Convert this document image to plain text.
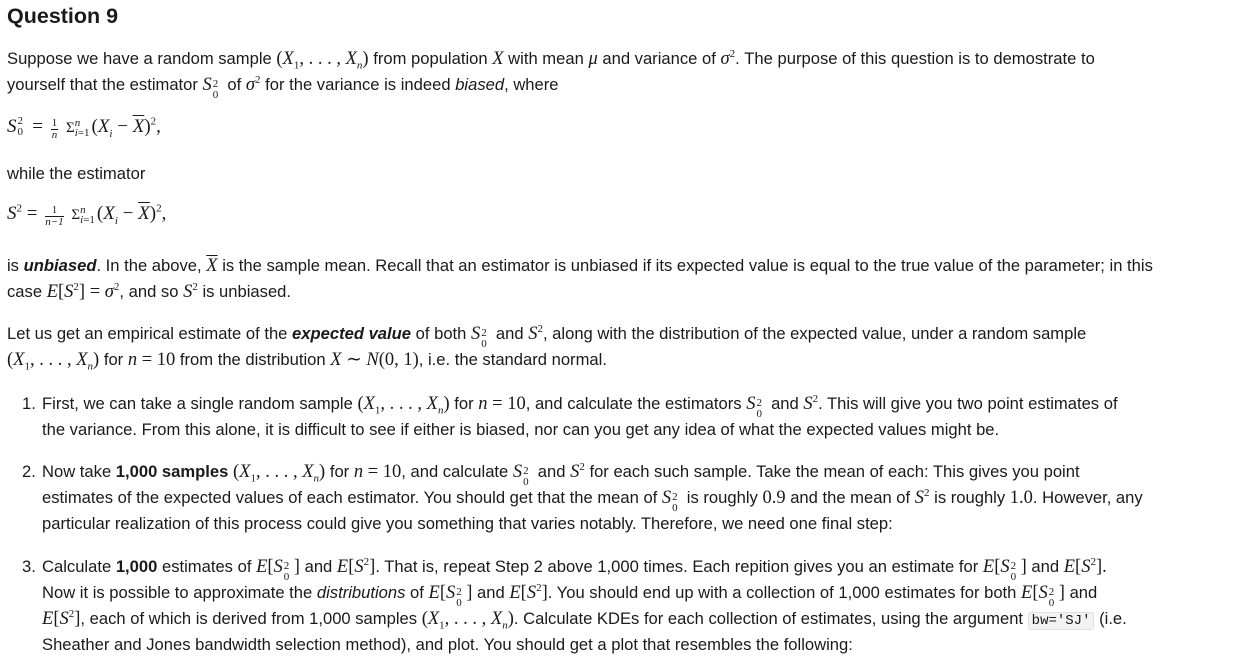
Question 9
Suppose we have a random sample ($X_1$, . . . , $X_n$) from population X with mean μ and variance of $\sigma^2$. The purpose of this question is to demostrate to
yourself that the estimator S 2
0
of $\sigma^2$ for the variance is indeed biased, where
S 2
$0 = \frac{1}{n}$ Σ n
i=1 $(X_i - \overline{X})^2$,
while the estimator
$S^2 = \frac{1}{n-1}$ Σ n
i=1 $(X_i - \overline{X})^2$,
is unbiased. In the above, $\overline{X}$ is the sample mean. Recall that an estimator is unbiased if its expected value is equal to the true value of the parameter; in this
case $E[S^2] = \sigma^2$, and so $S^2$ is unbiased.
Let us get an empirical estimate of the expected value of both S 2
0
and $S^2$, along with the distribution of the expected value, under a random sample
($X_1$, . . . , $X_n$) for n = 10 from the distribution X ∼ N(0, 1), i.e. the standard normal.
1. First, we can take a single random sample ($X_1$, . . . , $X_n$) for n = 10, and calculate the estimators S 2
0
and $S^2$. This will give you two point estimates of
the variance. From this alone, it is difficult to see if either is biased, nor can you get any idea of what the expected values might be.
2. Now take 1,000 samples ($X_1$, . . . , $X_n$) for n = 10, and calculate S 2
0
and $S^2$ for each such sample. Take the mean of each: This gives you point
estimates of the expected values of each estimator. You should get that the mean of S 2
0
is roughly 0.9 and the mean of $S^2$ is roughly 1.0. However, any
particular realization of this process could give you something that varies notably. Therefore, we need one final step:
3. Calculate 1,000 estimates of E[S 2
0 ] and $E[S^2]$. That is, repeat Step 2 above 1,000 times. Each repition gives you an estimate for E[S 2
0 ] and $E[S^2]$.
Now it is possible to approximate the distributions of E[S 2
0 ] and $E[S^2]$. You should end up with a collection of 1,000 estimates for both E[S 2
0 ] and
$E[S^2]$, each of which is derived from 1,000 samples ($X_1$, . . . , $X_n$). Calculate KDEs for each collection of estimates, using the argument bw='SJ' (i.e.
Sheather and Jones bandwidth selection method), and plot. You should get a plot that resembles the following:
